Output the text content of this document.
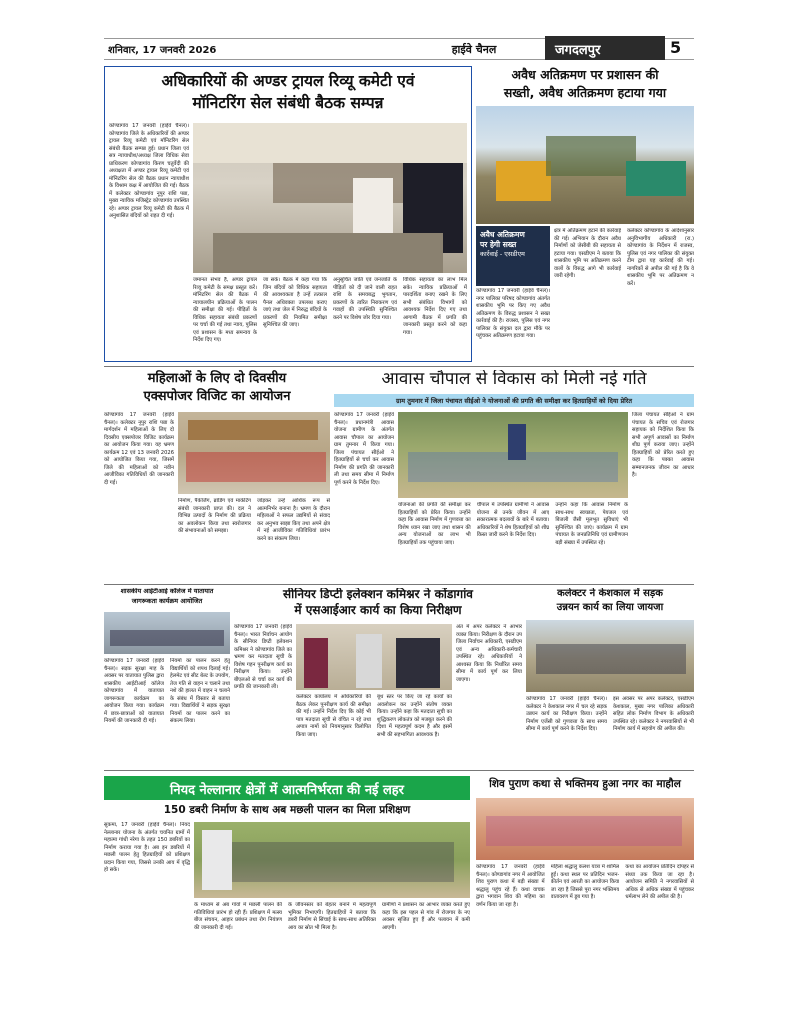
शनिवार, 17 जनवरी 2026	हाईवे चैनल	जगदलपुर	5
अधिकारियों की अण्डर ट्रायल रिव्यू कमेटी एवं
मॉनिटरिंग सेल संबंधी बैठक सम्पन्न
कोण्डागांव 17 जनवरी (हाईवे चैनल)। कोण्डागांव जिले के अधिकारियों की अण्डर ट्रायल रिव्यू कमेटी एवं मॉनिटरिंग सेल संबंधी बैठक सम्पन्न हुई। प्रधान जिला एवं सत्र न्यायाधीश/अध्यक्ष जिला विधिक सेवा प्राधिकरण कोण्डागांव किरण चतुर्वेदी की अध्यक्षता में अण्डर ट्रायल रिव्यू कमेटी एवं मॉनिटरिंग सेल की बैठक प्रधान न्यायाधीश के विश्राम कक्ष में आयोजित की गई। बैठक में कलेक्टर कोण्डागांव नूपुर राशि पन्ना, मुख्य न्यायिक मजिस्ट्रेट कोण्डागांव उपस्थित रहे। अण्डर ट्रायल रिव्यू कमेटी की बैठक में अनुशासित बंदियों को राहत दी गई।
जमानत संभव है, अण्डर ट्रायल रिव्यू कमेटी के समक्ष प्रस्तुत करें। मॉनिटरिंग सेल की बैठक में न्यायालयीन प्रक्रियाओं के पालन की समीक्षा की गई। पीड़ितों के विधिक सहायता संबंधी प्रकरणों पर चर्चा की गई तथा न्याय, पुलिस एवं प्रशासन के मध्य समन्वय के निर्देश दिए गए।
जा सके। बैठक में कहा गया कि जिन बंदियों को विधिक सहायता की आवश्यकता है उन्हें तत्काल पैनल अधिवक्ता उपलब्ध कराए जाएं तथा जेल में निरुद्ध बंदियों के प्रकरणों की नियमित समीक्षा सुनिश्चित की जाए।
अनुसूचित जाति एवं जनजाति के पीड़ितों को दी जाने वाली राहत राशि के समयबद्ध भुगतान, प्रकरणों के त्वरित निराकरण एवं गवाहों की उपस्थिति सुनिश्चित करने पर विशेष जोर दिया गया।
विधिक सहायता का लाभ मिल सके। न्यायिक प्रक्रियाओं में पारदर्शिता बनाए रखने के लिए सभी संबंधित विभागों को आवश्यक निर्देश दिए गए तथा आगामी बैठक में प्रगति की जानकारी प्रस्तुत करने को कहा गया।
अवैध अतिक्रमण पर प्रशासन की
सख्ती, अवैध अतिक्रमण हटाया गया
अवैध अतिक्रमण
पर हेगी सख्त
कार्रवाई - एसडीएम
कोण्डागांव 17 जनवरी (हाईवे चैनल)। नगर पालिका परिषद कोण्डागांव अंतर्गत शासकीय भूमि पर किए गए अवैध अतिक्रमण के विरुद्ध प्रशासन ने सख्त कार्रवाई की है। राजस्व, पुलिस एवं नगर पालिका के संयुक्त दल द्वारा मौके पर पहुंचकर अतिक्रमण हटाया गया।
क्षेत्र में अतिक्रमण हटाने की कार्रवाई की गई। अभियान के दौरान अवैध निर्माणों को जेसीबी की सहायता से हटाया गया। एसडीएम ने बताया कि शासकीय भूमि पर अतिक्रमण करने वालों के विरुद्ध आगे भी कार्रवाई जारी रहेगी।
कलेक्टर कोण्डागांव के आदेशानुसार अनुविभागीय अधिकारी (रा.) कोण्डागांव के निर्देशन में राजस्व, पुलिस एवं नगर पालिका की संयुक्त टीम द्वारा यह कार्रवाई की गई। नागरिकों से अपील की गई है कि वे शासकीय भूमि पर अतिक्रमण न करें।
महिलाओं के लिए दो दिवसीय
एक्सपोजर विजिट का आयोजन
कोण्डागांव 17 जनवरी (हाईवे चैनल)। कलेक्टर नूपुर राशि पन्ना के मार्गदर्शन में महिलाओं के लिए दो दिवसीय एक्सपोजर विजिट कार्यक्रम का आयोजन किया गया। यह भ्रमण कार्यक्रम 12 एवं 13 जनवरी 2026 को आयोजित किया गया, जिसमें जिले की महिलाओं को नवीन आजीविका गतिविधियों की जानकारी दी गई।
निर्माण, पैकेजिंग, ब्रांडिंग एवं मार्केटिंग संबंधी जानकारी प्राप्त की। दल ने विभिन्न उत्पादों के निर्माण की प्रक्रिया का अवलोकन किया तथा स्वरोजगार की संभावनाओं को समझा।
जोड़कर उन्हें आर्थिक रूप से आत्मनिर्भर बनाना है। भ्रमण के दौरान महिलाओं ने सफल उद्यमियों से संवाद कर अनुभव साझा किए तथा अपने क्षेत्र में नई आजीविका गतिविधियां प्रारंभ करने का संकल्प लिया।
आवास चौपाल से विकास को मिली नई गति
ग्राम तुमनार में जिला पंचायत सीईओ ने योजनाओं की प्रगति की समीक्षा कर हितग्राहियों को दिया प्रेरित
कोण्डागांव 17 जनवरी (हाईवे चैनल)। प्रधानमंत्री आवास योजना ग्रामीण के अंतर्गत आवास चौपाल का आयोजन ग्राम तुमनार में किया गया। जिला पंचायत सीईओ ने हितग्राहियों से चर्चा कर आवास निर्माण की प्रगति की जानकारी ली तथा समय सीमा में निर्माण पूर्ण करने के निर्देश दिए।
योजनाओं की प्रगति की समीक्षा कर हितग्राहियों को प्रेरित किया। उन्होंने कहा कि आवास निर्माण में गुणवत्ता का विशेष ध्यान रखा जाए तथा शासन की अन्य योजनाओं का लाभ भी हितग्राहियों तक पहुंचाया जाए।
चौपाल में उपस्थित ग्रामीणों ने आवास योजना से उनके जीवन में आए सकारात्मक बदलावों के बारे में बताया। अधिकारियों ने शेष हितग्राहियों को शीघ्र किस्त जारी करने के निर्देश दिए।
उन्होंने कहा कि आवास निर्माण के साथ-साथ स्वच्छता, पेयजल एवं बिजली जैसी मूलभूत सुविधाएं भी सुनिश्चित की जाएं। कार्यक्रम में ग्राम पंचायत के जनप्रतिनिधि एवं ग्रामीणजन बड़ी संख्या में उपस्थित रहे।
जिला पंचायत सीईओ ने ग्राम पंचायत के सचिव एवं रोजगार सहायक को निर्देशित किया कि सभी अपूर्ण आवासों का निर्माण शीघ्र पूर्ण कराया जाए। उन्होंने हितग्राहियों को प्रेरित करते हुए कहा कि पक्का आवास सम्मानजनक जीवन का आधार है।
शासकीय आईटीआई कॉलेज में यातायात
जागरूकता कार्यक्रम आयोजित
कोण्डागांव 17 जनवरी (हाईवे चैनल)। सड़क सुरक्षा माह के अवसर पर यातायात पुलिस द्वारा शासकीय आईटीआई कॉलेज कोण्डागांव में यातायात जागरूकता कार्यक्रम का आयोजन किया गया। कार्यक्रम में छात्र-छात्राओं को यातायात नियमों की जानकारी दी गई।
नियमों का पालन करने हेतु विद्यार्थियों को शपथ दिलाई गई। हेलमेट एवं सीट बेल्ट के उपयोग, तेज गति से वाहन न चलाने तथा नशे की हालत में वाहन न चलाने के संबंध में विस्तार से बताया गया। विद्यार्थियों ने सड़क सुरक्षा नियमों का पालन करने का संकल्प लिया।
सीनियर डिप्टी इलेक्शन कमिश्नर ने कोंडागांव
में एसआईआर कार्य का किया निरीक्षण
कोण्डागांव 17 जनवरी (हाईवे चैनल)। भारत निर्वाचन आयोग के सीनियर डिप्टी इलेक्शन कमिश्नर ने कोण्डागांव जिले का भ्रमण कर मतदाता सूची के विशेष गहन पुनरीक्षण कार्य का निरीक्षण किया। उन्होंने बीएलओ से चर्चा कर कार्य की प्रगति की जानकारी ली।
कलेक्टर कार्यालय में अधिकारियों की बैठक लेकर पुनरीक्षण कार्य की समीक्षा की गई। उन्होंने निर्देश दिए कि कोई भी पात्र मतदाता सूची से वंचित न रहे तथा अपात्र नामों को नियमानुसार विलोपित किया जाए।
बूथ स्तर पर किए जा रहे कार्यों का अवलोकन कर उन्होंने संतोष व्यक्त किया। उन्होंने कहा कि मतदाता सूची का शुद्धिकरण लोकतंत्र को मजबूत करने की दिशा में महत्वपूर्ण कदम है और इसमें सभी की सहभागिता आवश्यक है।
अंत में अपर कलेक्टर ने आभार व्यक्त किया। निरीक्षण के दौरान उप जिला निर्वाचन अधिकारी, एसडीएम एवं अन्य अधिकारी-कर्मचारी उपस्थित रहे। अधिकारियों ने आश्वस्त किया कि निर्धारित समय सीमा में कार्य पूर्ण कर लिया जाएगा।
कलेक्टर ने केशकाल में सड़क
उन्नयन कार्य का लिया जायजा
कोण्डागांव 17 जनवरी (हाईवे चैनल)। कलेक्टर ने केशकाल नगर में चल रहे सड़क उन्नयन कार्य का निरीक्षण किया। उन्होंने निर्माण एजेंसी को गुणवत्ता के साथ समय सीमा में कार्य पूर्ण करने के निर्देश दिए।
इस अवसर पर अपर कलेक्टर, एसडीएम केशकाल, मुख्य नगर पालिका अधिकारी सहित लोक निर्माण विभाग के अधिकारी उपस्थित रहे। कलेक्टर ने नगरवासियों से भी निर्माण कार्य में सहयोग की अपील की।
नियद नेल्लानार क्षेत्रों में आत्मनिर्भरता की नई लहर
150 डबरी निर्माण के साथ अब मछली पालन का मिला प्रशिक्षण
सुकमा, 17 जनवरी (हाईवे चैनल)। नियद नेल्लानार योजना के अंतर्गत चयनित ग्रामों में महात्मा गांधी नरेगा के तहत 150 डबरियों का निर्माण कराया गया है। अब इन डबरियों में मछली पालन हेतु हितग्राहियों को प्रशिक्षण प्रदान किया गया, जिससे उनकी आय में वृद्धि हो सके।
के माध्यम से अब गांवों में मछली पालन की गतिविधियां प्रारंभ हो रही हैं। प्रशिक्षण में मत्स्य बीज संचयन, आहार प्रबंधन तथा रोग नियंत्रण की जानकारी दी गई।
के जीवनस्तर को बेहतर बनाने में महत्वपूर्ण भूमिका निभाएगी। हितग्राहियों ने बताया कि डबरी निर्माण से सिंचाई के साथ-साथ अतिरिक्त आय का स्रोत भी मिला है।
ग्रामीणों ने प्रशासन का आभार व्यक्त करते हुए कहा कि इस पहल से गांव में रोजगार के नए अवसर सृजित हुए हैं और पलायन में कमी आएगी।
शिव पुराण कथा से भक्तिमय हुआ नगर का माहौल
कोण्डागांव 17 जनवरी (हाईवे चैनल)। कोण्डागांव नगर में आयोजित शिव पुराण कथा में बड़ी संख्या में श्रद्धालु पहुंच रहे हैं। कथा वाचक द्वारा भगवान शिव की महिमा का वर्णन किया जा रहा है।
महिला श्रद्धालु कलश यात्रा में शामिल हुईं। कथा स्थल पर प्रतिदिन भजन-कीर्तन एवं आरती का आयोजन किया जा रहा है जिससे पूरा नगर भक्तिमय वातावरण में डूब गया है।
कथा का आयोजन प्रतिदिन दोपहर से संध्या तक किया जा रहा है। आयोजन समिति ने नगरवासियों से अधिक से अधिक संख्या में पहुंचकर धर्मलाभ लेने की अपील की है।
